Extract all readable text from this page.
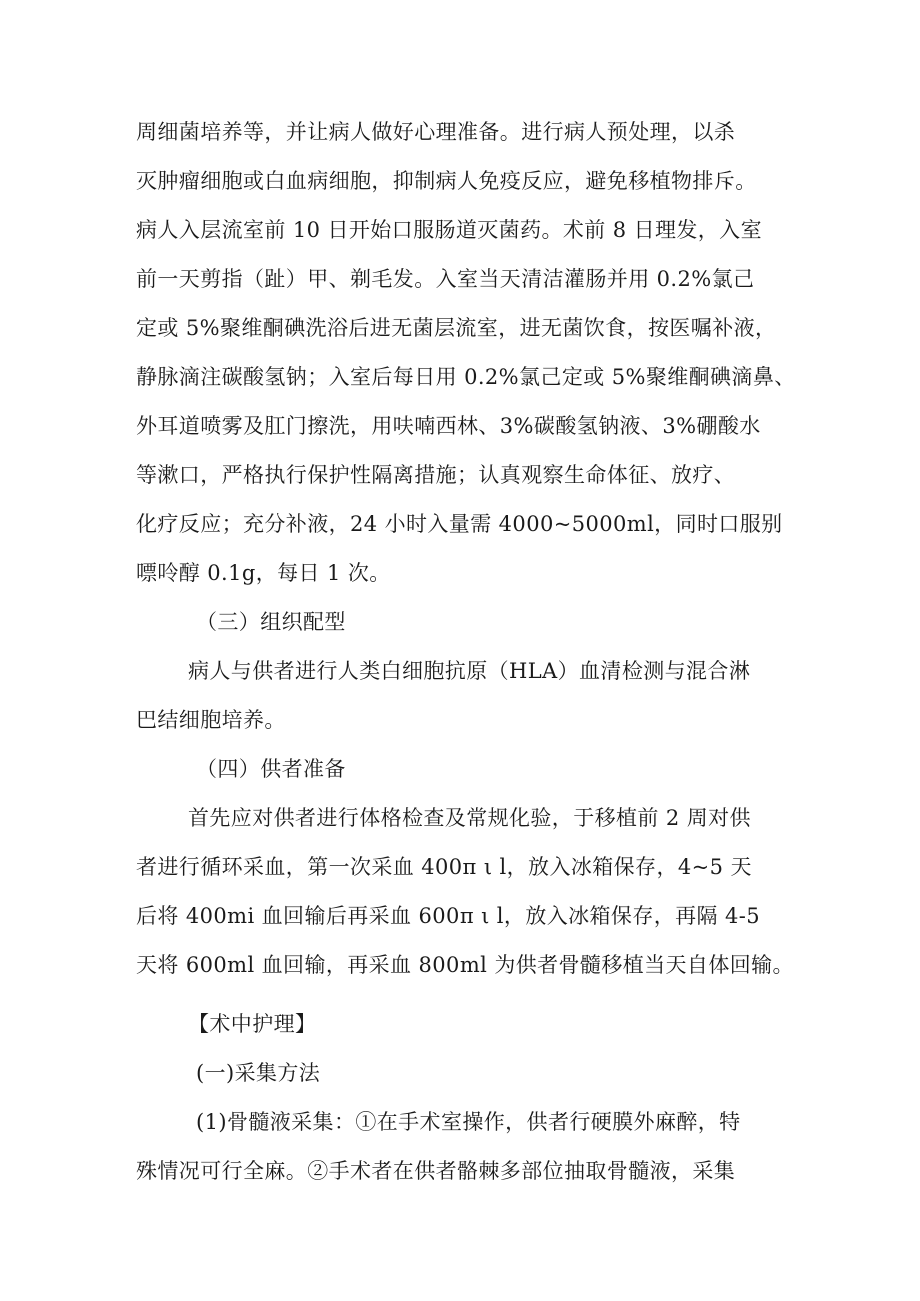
周细菌培养等，并让病人做好心理准备。进行病人预处理，以杀
灭肿瘤细胞或白血病细胞，抑制病人免疫反应，避免移植物排斥。
病人入层流室前 10 日开始口服肠道灭菌药。术前 8 日理发，入室
前一天剪指（趾）甲、剃毛发。入室当天清洁灌肠并用 0.2%氯己
定或 5%聚维酮碘洗浴后进无菌层流室，进无菌饮食，按医嘱补液，
静脉滴注碳酸氢钠；入室后每日用 0.2%氯己定或 5%聚维酮碘滴鼻、
外耳道喷雾及肛门擦洗，用呋喃西林、3%碳酸氢钠液、3%硼酸水
等漱口，严格执行保护性隔离措施；认真观察生命体征、放疗、
化疗反应；充分补液，24 小时入量需 4000~5000ml，同时口服别
嘌呤醇 0.1g，每日 1 次。
（三）组织配型
病人与供者进行人类白细胞抗原（HLA）血清检测与混合淋
巴结细胞培养。
（四）供者准备
首先应对供者进行体格检查及常规化验，于移植前 2 周对供
者进行循环采血，第一次采血 400π ι l，放入冰箱保存，4~5 天
后将 400mi 血回输后再采血 600π ι l，放入冰箱保存，再隔 4-5
天将 600ml 血回输，再采血 800ml 为供者骨髓移植当天自体回输。
【术中护理】
(一)采集方法
(1)骨髓液采集：①在手术室操作，供者行硬膜外麻醉，特
殊情况可行全麻。②手术者在供者骼棘多部位抽取骨髓液，采集
